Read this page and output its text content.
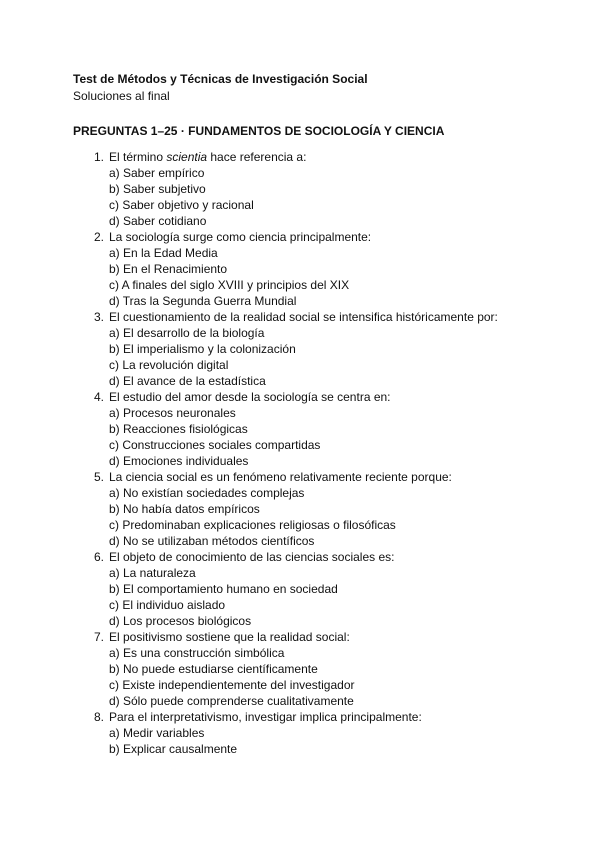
Test de Métodos y Técnicas de Investigación Social
Soluciones al final
PREGUNTAS 1–25 · FUNDAMENTOS DE SOCIOLOGÍA Y CIENCIA
1. El término scientia hace referencia a:
a) Saber empírico
b) Saber subjetivo
c) Saber objetivo y racional
d) Saber cotidiano
2. La sociología surge como ciencia principalmente:
a) En la Edad Media
b) En el Renacimiento
c) A finales del siglo XVIII y principios del XIX
d) Tras la Segunda Guerra Mundial
3. El cuestionamiento de la realidad social se intensifica históricamente por:
a) El desarrollo de la biología
b) El imperialismo y la colonización
c) La revolución digital
d) El avance de la estadística
4. El estudio del amor desde la sociología se centra en:
a) Procesos neuronales
b) Reacciones fisiológicas
c) Construcciones sociales compartidas
d) Emociones individuales
5. La ciencia social es un fenómeno relativamente reciente porque:
a) No existían sociedades complejas
b) No había datos empíricos
c) Predominaban explicaciones religiosas o filosóficas
d) No se utilizaban métodos científicos
6. El objeto de conocimiento de las ciencias sociales es:
a) La naturaleza
b) El comportamiento humano en sociedad
c) El individuo aislado
d) Los procesos biológicos
7. El positivismo sostiene que la realidad social:
a) Es una construcción simbólica
b) No puede estudiarse científicamente
c) Existe independientemente del investigador
d) Sólo puede comprenderse cualitativamente
8. Para el interpretativismo, investigar implica principalmente:
a) Medir variables
b) Explicar causalmente
